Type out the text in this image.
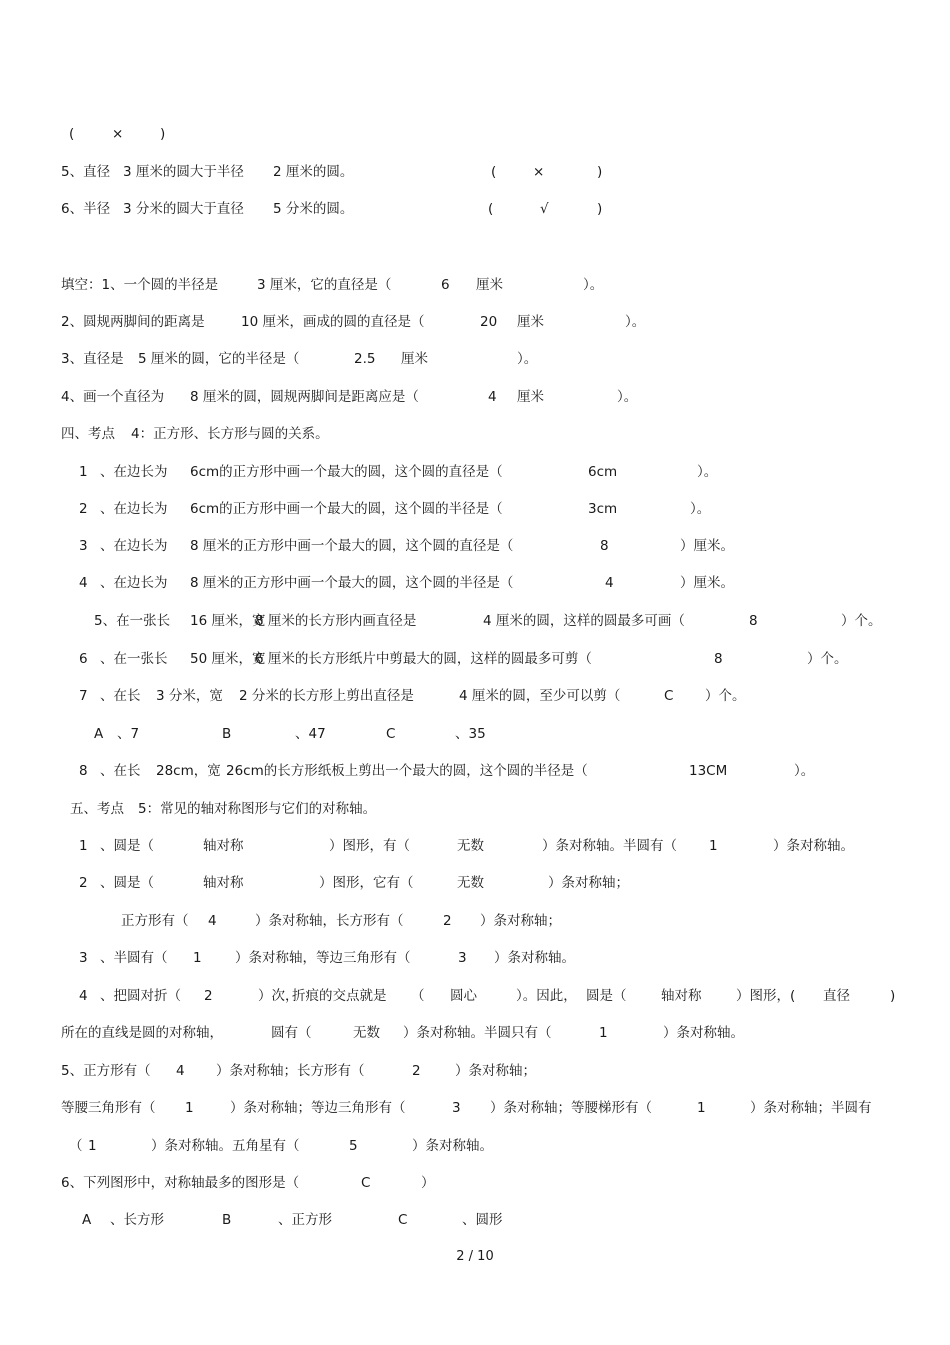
(	×	)
5、直径 3 厘米的圆大于半径 2 厘米的圆。	(	×	)
6、半径 3 分米的圆大于直径 5 分米的圆。	(	√	)
填空：1、一个圆的半径是	3 厘米，它的直径是（	6 厘米	）。
2、圆规两脚间的距离是	10 厘米，画成的圆的直径是（	20 厘米	）。
3、直径是 5 厘米的圆，它的半径是（	2.5 厘米	）。
4、画一个直径为 8 厘米的圆，圆规两脚间是距离应是（	4 厘米	）。
四、考点 4：正方形、长方形与圆的关系。
1 、在边长为 6cm的正方形中画一个最大的圆，这个圆的直径是（	6cm	）。
2 、在边长为 6cm的正方形中画一个最大的圆，这个圆的半径是（	3cm	）。
3 、在边长为 8 厘米的正方形中画一个最大的圆，这个圆的直径是（	8	）厘米。
4 、在边长为 8 厘米的正方形中画一个最大的圆，这个圆的半径是（	4	）厘米。
5、在一张长 16 厘米，宽
8 厘米的长方形内画直径是	4 厘米的圆，这样的圆最多可画（	8	）个。
6 、在一张长 50 厘米，宽
6 厘米的长方形纸片中剪最大的圆，这样的圆最多可剪（	8	）个。
7 、在长 3 分米，宽 2 分米的长方形上剪出直径是	4 厘米的圆，至少可以剪（	C ）个。
A 、7	B	、47	C	、35
8 、在长 28cm，宽 26cm的长方形纸板上剪出一个最大的圆，这个圆的半径是（	13CM	）。
五、考点 5：常见的轴对称图形与它们的对称轴。
1 、圆是（	轴对称	）图形，有（	无数	）条对称轴。半圆有（ 1	）条对称轴。
2 、圆是（	轴对称	）图形，它有（	无数	）条对称轴；
正方形有（ 4	）条对称轴，长方形有（	2 ）条对称轴；
3 、半圆有（ 1 ）条对称轴，等边三角形有（	3 ）条对称轴。
4 、把圆对折（ 2	）次，
折痕的交点就是 （ 圆心	）。因此， 圆是（	轴对称	）图形，( 直径	)
所在的直线是圆的对称轴，	圆有（	无数 ）条对称轴。半圆只有（	1	）条对称轴。
5、正方形有（ 4 ）条对称轴；长方形有（	2	）条对称轴；
等腰三角形有（ 1	）条对称轴；等边三角形有（	3 ）条对称轴；等腰梯形有（	1	）条对称轴；半圆有
（ 1	）条对称轴。五角星有（	5	）条对称轴。
6、下列图形中，对称轴最多的图形是（	C	）
A 、长方形	B	、正方形	C	、圆形
2 / 10
